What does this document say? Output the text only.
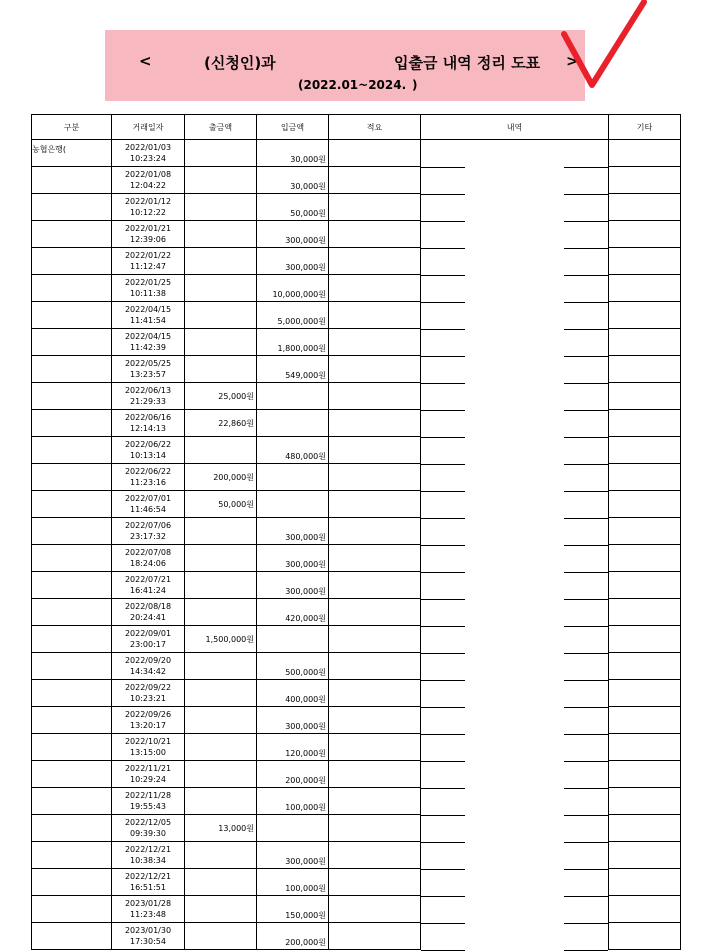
<	(신청인)과	입출금 내역 정리 도표 >
(2022.01~2024. )
구분	거래일자	출금액	입금액	적요	내역	기타
농협은행(	2022/01/03
10:23:24		30,000원		

	2022/01/08
12:04:22		30,000원		

	2022/01/12
10:12:22		50,000원		

	2022/01/21
12:39:06		300,000원		

	2022/01/22
11:12:47		300,000원		

	2022/01/25
10:11:38		10,000,000원		

	2022/04/15
11:41:54		5,000,000원		

	2022/04/15
11:42:39		1,800,000원		

	2022/05/25
13:23:57		549,000원		

	2022/06/13
21:29:33	25,000원			

	2022/06/16
12:14:13	22,860원			

	2022/06/22
10:13:14		480,000원		

	2022/06/22
11:23:16	200,000원			

	2022/07/01
11:46:54	50,000원			

	2022/07/06
23:17:32		300,000원		

	2022/07/08
18:24:06		300,000원		

	2022/07/21
16:41:24		300,000원		

	2022/08/18
20:24:41		420,000원		

	2022/09/01
23:00:17	1,500,000원			

	2022/09/20
14:34:42		500,000원		

	2022/09/22
10:23:21		400,000원		

	2022/09/26
13:20:17		300,000원		

	2022/10/21
13:15:00		120,000원		

	2022/11/21
10:29:24		200,000원		

	2022/11/28
19:55:43		100,000원		

	2022/12/05
09:39:30	13,000원			

	2022/12/21
10:38:34		300,000원		

	2022/12/21
16:51:51		100,000원		

	2023/01/28
11:23:48		150,000원		

	2023/01/30
17:30:54		200,000원		
